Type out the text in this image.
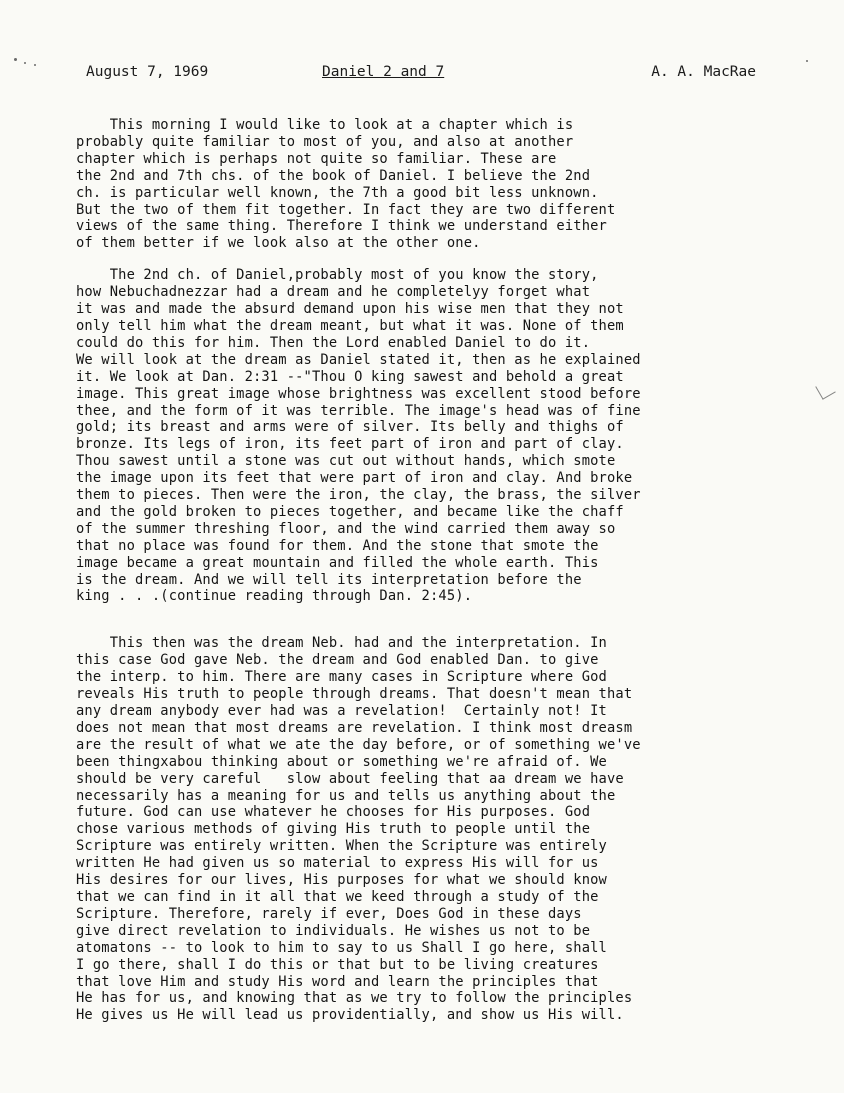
August 7, 1969	Daniel 2 and 7	A. A. MacRae

This morning I would like to look at a chapter which is

probably quite familiar to most of you, and also at another

chapter which is perhaps not quite so familiar. These are

the 2nd and 7th chs. of the book of Daniel. I believe the 2nd

ch. is particular well known, the 7th a good bit less unknown.

But the two of them fit together. In fact they are two different

views of the same thing. Therefore I think we understand either

of them better if we look also at the other one.

The 2nd ch. of Daniel,probably most of you know the story,

how Nebuchadnezzar had a dream and he completelyy forget what

it was and made the absurd demand upon his wise men that they not

only tell him what the dream meant, but what it was. None of them

could do this for him. Then the Lord enabled Daniel to do it.

We will look at the dream as Daniel stated it, then as he explained

it. We look at Dan. 2:31 --"Thou O king sawest and behold a great

image. This great image whose brightness was excellent stood before

thee, and the form of it was terrible. The image's head was of fine

gold; its breast and arms were of silver. Its belly and thighs of

bronze. Its legs of iron, its feet part of iron and part of clay.

Thou sawest until a stone was cut out without hands, which smote

the image upon its feet that were part of iron and clay. And broke

them to pieces. Then were the iron, the clay, the brass, the silver

and the gold broken to pieces together, and became like the chaff

of the summer threshing floor, and the wind carried them away so

that no place was found for them. And the stone that smote the

image became a great mountain and filled the whole earth. This

is the dream. And we will tell its interpretation before the

king . . .(continue reading through Dan. 2:45).

This then was the dream Neb. had and the interpretation. In

this case God gave Neb. the dream and God enabled Dan. to give

the interp. to him. There are many cases in Scripture where God

reveals His truth to people through dreams. That doesn't mean that

any dream anybody ever had was a revelation!  Certainly not! It

does not mean that most dreams are revelation. I think most dreasm

are the result of what we ate the day before, or of something we've

been thingxabou thinking about or something we're afraid of. We

should be very careful   slow about feeling that aa dream we have

necessarily has a meaning for us and tells us anything about the

future. God can use whatever he chooses for His purposes. God

chose various methods of giving His truth to people until the

Scripture was entirely written. When the Scripture was entirely

written He had given us so material to express His will for us

His desires for our lives, His purposes for what we should know

that we can find in it all that we keed through a study of the

Scripture. Therefore, rarely if ever, Does God in these days

give direct revelation to individuals. He wishes us not to be

atomatons -- to look to him to say to us Shall I go here, shall

I go there, shall I do this or that but to be living creatures

that love Him and study His word and learn the principles that

He has for us, and knowing that as we try to follow the principles

He gives us He will lead us providentially, and show us His will.
